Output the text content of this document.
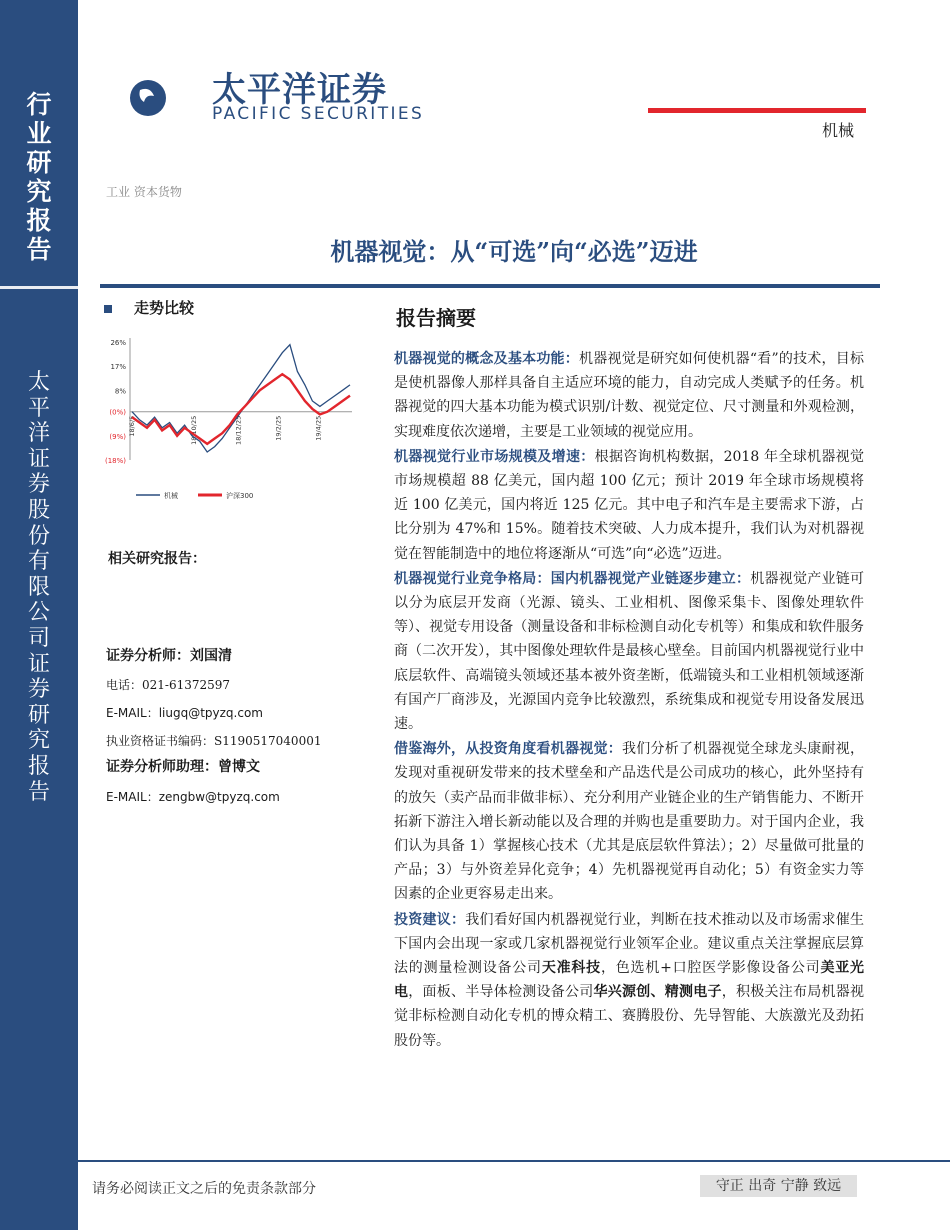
行
业
研
究
报
告
太
平
洋
证
券
股
份
有
限
公
司
证
券
研
究
报
告
太平洋证券
PACIFIC SECURITIES
机械
工业 资本货物
机器视觉：从“可选”向“必选”迈进
走势比较
26%
17%
8%
(0%)
(9%)
(18%)
18/6/5	18/10/25	18/12/25	19/2/25	19/4/25
机械	沪深300
相关研究报告：
证券分析师：刘国清
电话：021-61372597
E-MAIL：liugq@tpyzq.com
执业资格证书编码：S1190517040001
证券分析师助理：曾博文
E-MAIL：zengbw@tpyzq.com
报告摘要

机器视觉的概念及基本功能：机器视觉是研究如何使机器“看”的技术，目标是使机器像人那样具备自主适应环境的能力，自动完成人类赋予的任务。机器视觉的四大基本功能为模式识别/计数、视觉定位、尺寸测量和外观检测，实现难度依次递增，主要是工业领域的视觉应用。

机器视觉行业市场规模及增速：根据咨询机构数据，2018 年全球机器视觉市场规模超 88 亿美元，国内超 100 亿元；预计 2019 年全球市场规模将近 100 亿美元，国内将近 125 亿元。其中电子和汽车是主要需求下游，占比分别为 47%和 15%。随着技术突破、人力成本提升，我们认为对机器视觉在智能制造中的地位将逐渐从“可选”向“必选”迈进。

机器视觉行业竞争格局：国内机器视觉产业链逐步建立：机器视觉产业链可以分为底层开发商（光源、镜头、工业相机、图像采集卡、图像处理软件等）、视觉专用设备（测量设备和非标检测自动化专机等）和集成和软件服务商（二次开发），其中图像处理软件是最核心壁垒。目前国内机器视觉行业中底层软件、高端镜头领域还基本被外资垄断，低端镜头和工业相机领域逐渐有国产厂商涉及，光源国内竞争比较激烈，系统集成和视觉专用设备发展迅速。

借鉴海外，从投资角度看机器视觉：我们分析了机器视觉全球龙头康耐视，发现对重视研发带来的技术壁垒和产品迭代是公司成功的核心，此外坚持有的放矢（卖产品而非做非标）、充分利用产业链企业的生产销售能力、不断开拓新下游注入增长新动能以及合理的并购也是重要助力。对于国内企业，我们认为具备 1）掌握核心技术（尤其是底层软件算法）；2）尽量做可批量的产品；3）与外资差异化竞争；4）先机器视觉再自动化；5）有资金实力等因素的企业更容易走出来。

投资建议：我们看好国内机器视觉行业，判断在技术推动以及市场需求催生下国内会出现一家或几家机器视觉行业领军企业。建议重点关注掌握底层算法的测量检测设备公司天准科技，色选机+口腔医学影像设备公司美亚光电，面板、半导体检测设备公司华兴源创、精测电子，积极关注布局机器视觉非标检测自动化专机的博众精工、赛腾股份、先导智能、大族激光及劲拓股份等。

请务必阅读正文之后的免责条款部分	守正 出奇 宁静 致远
